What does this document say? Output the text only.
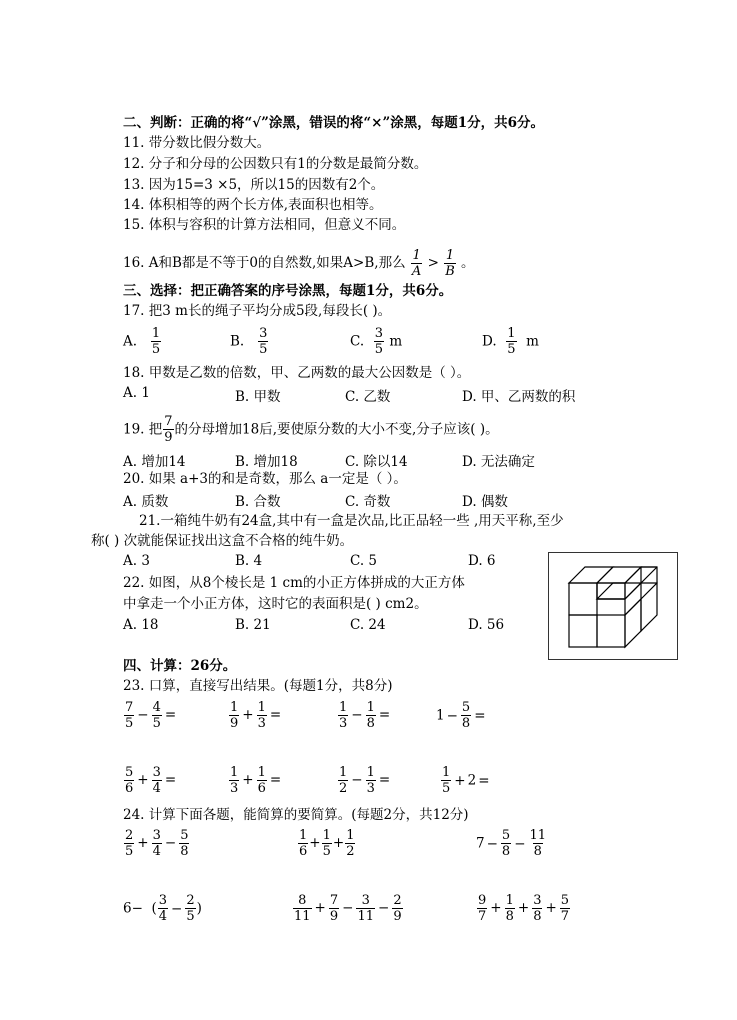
二、判断：正确的将“√”涂黑，错误的将“×”涂黑，每题1分，共6分。
11. 带分数比假分数大。
12. 分子和分母的公因数只有1的分数是最简分数。
13. 因为15=3 ×5，所以15的因数有2个。
14. 体积相等的两个长方体,表面积也相等。
15. 体积与容积的计算方法相同，但意义不同。
16. A和B都是不等于0的自然数,如果A>B,那么 $\frac{1}{A} > \frac{1}{B}$ 。
三、选择：把正确答案的序号涂黑，每题1分，共6分。
17. 把3 m长的绳子平均分成5段,每段长( )。
A. $\frac{1}{5}$	B. $\frac{3}{5}$	C. $\frac{3}{5}$ m	D. $\frac{1}{5}$ m
18. 甲数是乙数的倍数，甲、乙两数的最大公因数是（ ）。
A. 1	B. 甲数	C. 乙数	D. 甲、乙两数的积
19. 把 $\frac{7}{9}$ 的分母增加18后,要使原分数的大小不变,分子应该( )。
A. 增加14	B. 增加18	C. 除以14	D. 无法确定
20. 如果 a+3的和是奇数，那么 a一定是（ ）。
A. 质数	B. 合数	C. 奇数	D. 偶数
21.一箱纯牛奶有24盒,其中有一盒是次品,比正品轻一些 ,用天平称,至少
称( ) 次就能保证找出这盒不合格的纯牛奶。
A. 3	B. 4	C. 5	D. 6
22. 如图，从8个棱长是 1 cm的小正方体拼成的大正方体
中拿走一个小正方体，这时它的表面积是( ) cm2。
A. 18	B. 21	C. 24	D. 56
四、计算：26分。
23. 口算，直接写出结果。(每题1分，共8分)
$\frac{7}{5} - \frac{4}{5}$ =	$\frac{1}{9} + \frac{1}{3}$ =	$\frac{1}{3} - \frac{1}{8}$ =	$1 - \frac{5}{8}$ =
$\frac{5}{6} + \frac{3}{4}$ =	$\frac{1}{3} + \frac{1}{6}$ =	$\frac{1}{2} - \frac{1}{3}$ =	$\frac{1}{5} + 2$ =
24. 计算下面各题，能简算的要简算。(每题2分，共12分)
$\frac{2}{5} + \frac{3}{4} - \frac{5}{8}$	$\frac{1}{6} + \frac{1}{5} + \frac{1}{2}$	$7 - \frac{5}{8} - \frac{11}{8}$
6−  ( $\frac{3}{4} - \frac{2}{5}$ )	$\frac{8}{11} + \frac{7}{9} - \frac{3}{11} - \frac{2}{9}$	$\frac{9}{7} + \frac{1}{8} + \frac{3}{8} + \frac{5}{7}$
